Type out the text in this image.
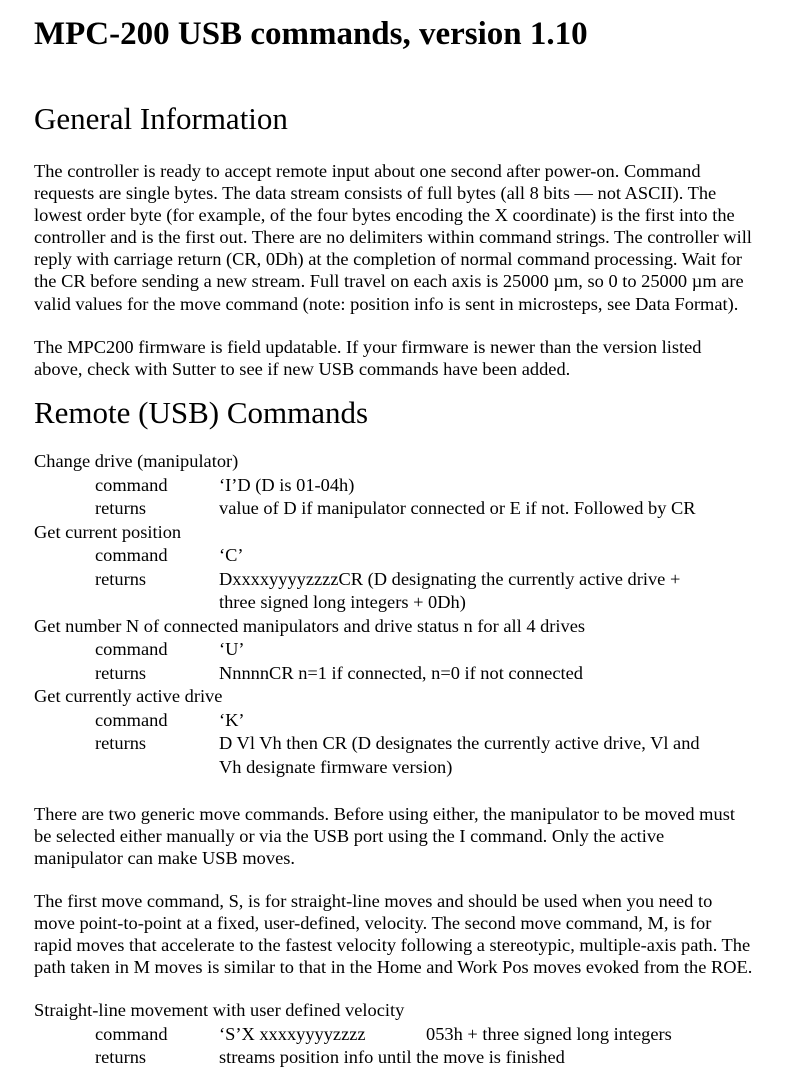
MPC-200 USB commands, version 1.10
General Information
The controller is ready to accept remote input about one second after power-on. Command
requests are single bytes. The data stream consists of full bytes (all 8 bits — not ASCII). The
lowest order byte (for example, of the four bytes encoding the X coordinate) is the first into the
controller and is the first out. There are no delimiters within command strings. The controller will
reply with carriage return (CR, 0Dh) at the completion of normal command processing. Wait for
the CR before sending a new stream. Full travel on each axis is 25000 µm, so 0 to 25000 µm are
valid values for the move command (note: position info is sent in microsteps, see Data Format).
The MPC200 firmware is field updatable. If your firmware is newer than the version listed
above, check with Sutter to see if new USB commands have been added.
Remote (USB) Commands
Change drive (manipulator)
command	‘I’D (D is 01-04h)
returns	value of D if manipulator connected or E if not. Followed by CR
Get current position
command	‘C’
returns	DxxxxyyyyzzzzCR (D designating the currently active drive +
three signed long integers + 0Dh)
Get number N of connected manipulators and drive status n for all 4 drives
command	‘U’
returns	NnnnnCR n=1 if connected, n=0 if not connected
Get currently active drive
command	‘K’
returns	D Vl Vh then CR (D designates the currently active drive, Vl and
Vh designate firmware version)
There are two generic move commands. Before using either, the manipulator to be moved must
be selected either manually or via the USB port using the I command. Only the active
manipulator can make USB moves.
The first move command, S, is for straight-line moves and should be used when you need to
move point-to-point at a fixed, user-defined, velocity. The second move command, M, is for
rapid moves that accelerate to the fastest velocity following a stereotypic, multiple-axis path. The
path taken in M moves is similar to that in the Home and Work Pos moves evoked from the ROE.
Straight-line movement with user defined velocity
command	‘S’X xxxxyyyyzzzz	053h + three signed long integers
returns	streams position info until the move is finished
